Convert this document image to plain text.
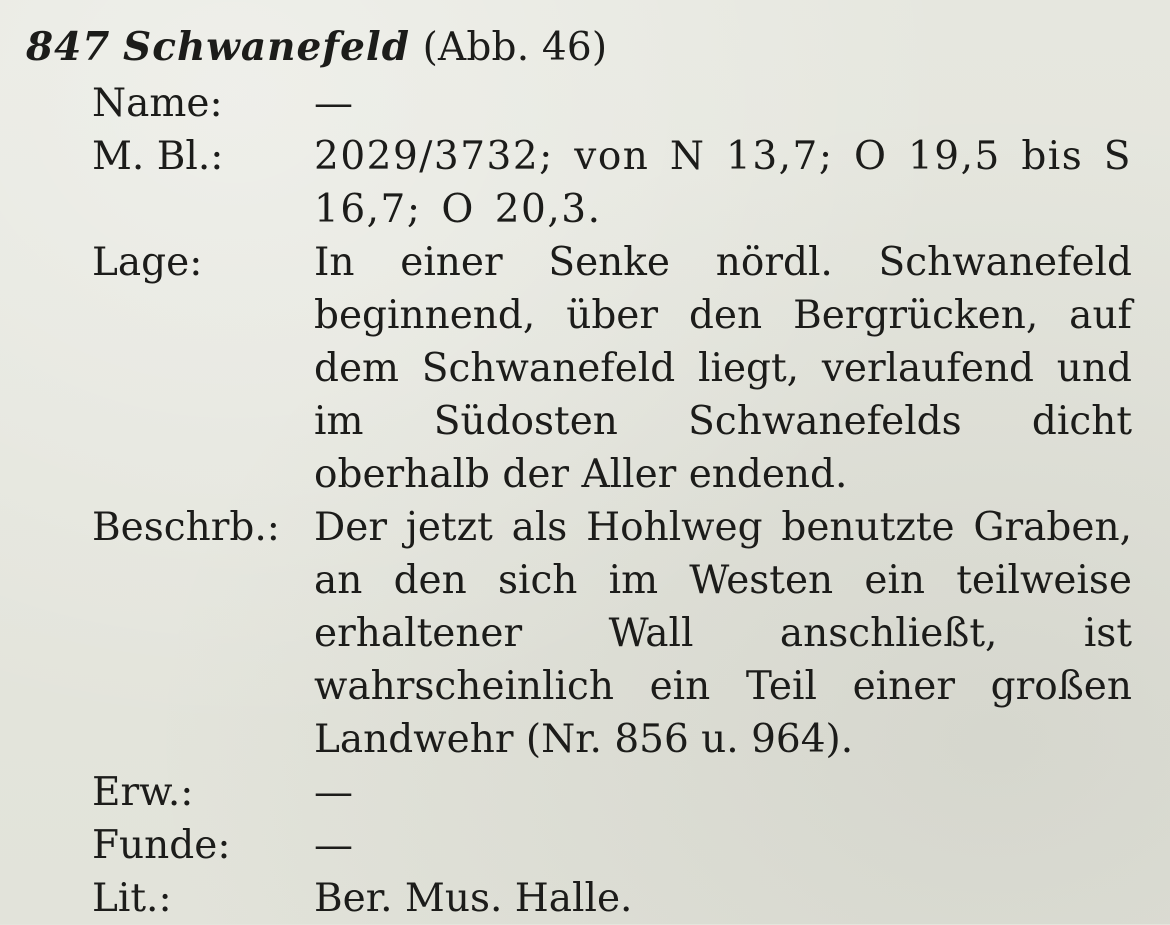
847 Schwanefeld (Abb. 46)
Name:	—
M. Bl.:	2029/3732; von N 13,7; O 19,5 bis S 16,7; O 20,3.
Lage:	In einer Senke nördl. Schwanefeld beginnend, über den Bergrücken, auf dem Schwanefeld liegt, verlaufend und im Südosten Schwanefelds dicht oberhalb der Aller endend.
Beschrb.: Der jetzt als Hohlweg benutzte Graben, an den sich im Westen ein teilweise erhaltener Wall anschließt, ist wahrscheinlich ein Teil einer großen Landwehr (Nr. 856 u. 964).
Erw.:	—
Funde:	—
Lit.:	Ber. Mus. Halle.
